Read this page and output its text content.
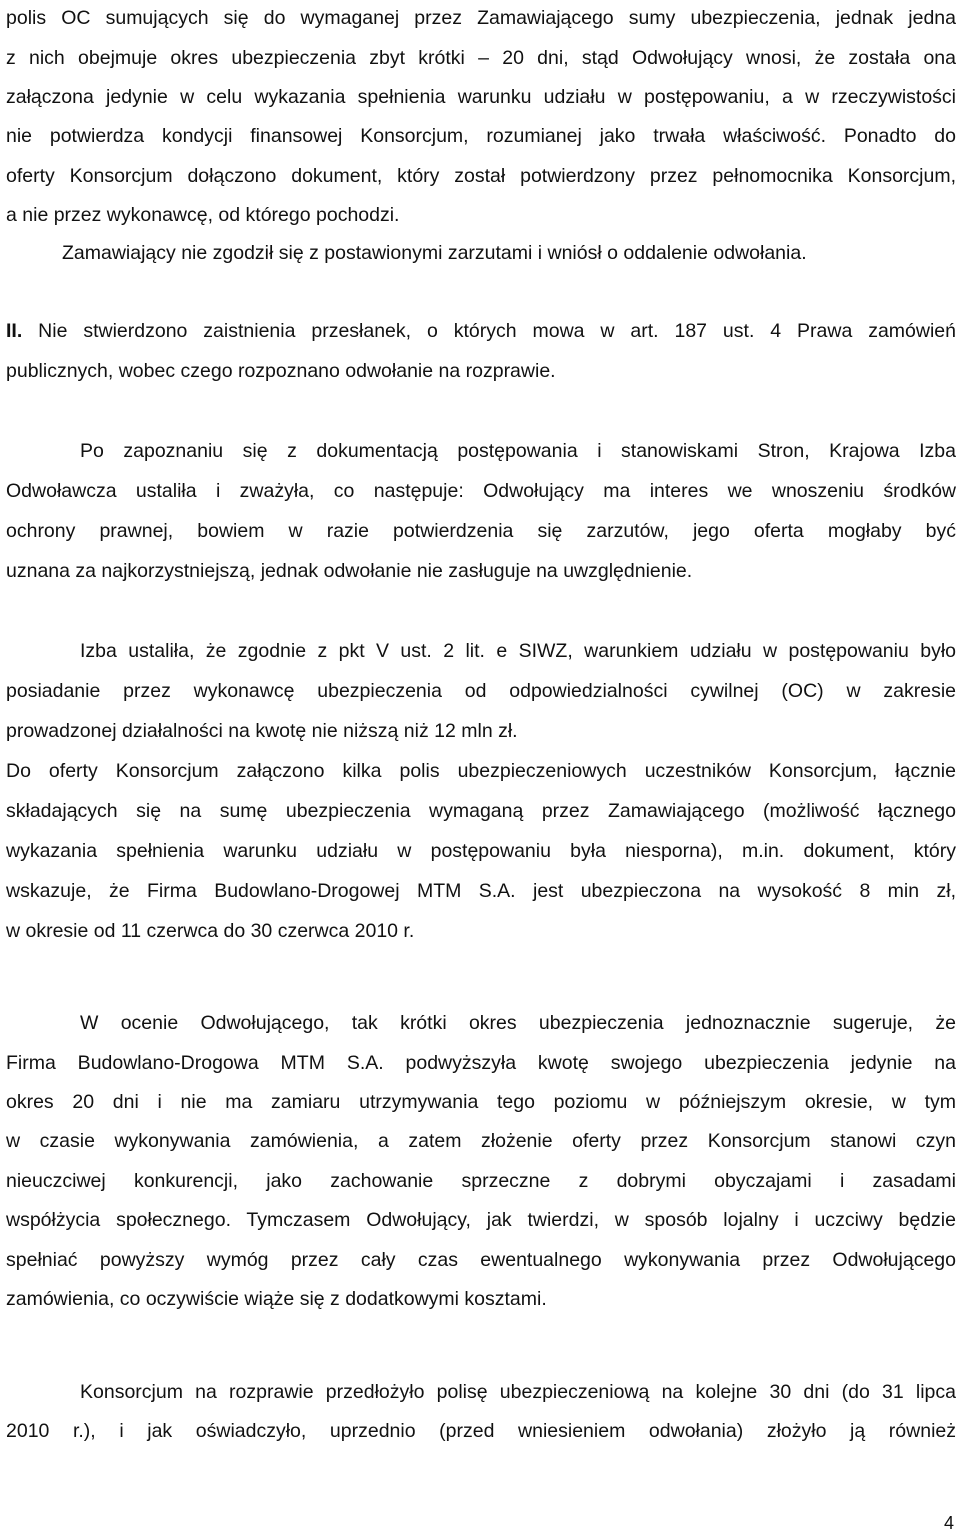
polis OC sumujących się do wymaganej przez Zamawiającego sumy ubezpieczenia, jednak jedna
z nich obejmuje okres ubezpieczenia zbyt krótki – 20 dni, stąd Odwołujący wnosi, że została ona
załączona jedynie w celu wykazania spełnienia warunku udziału w postępowaniu, a w rzeczywistości
nie potwierdza kondycji finansowej Konsorcjum, rozumianej jako trwała właściwość. Ponadto do
oferty Konsorcjum dołączono dokument, który został potwierdzony przez pełnomocnika Konsorcjum,
a nie przez wykonawcę, od którego pochodzi.
Zamawiający nie zgodził się z postawionymi zarzutami i wniósł o oddalenie odwołania.
II. Nie stwierdzono zaistnienia przesłanek, o których mowa w art. 187 ust. 4 Prawa zamówień
publicznych, wobec czego rozpoznano odwołanie na rozprawie.
Po zapoznaniu się z dokumentacją postępowania i stanowiskami Stron, Krajowa Izba
Odwoławcza ustaliła i zważyła, co następuje: Odwołujący ma interes we wnoszeniu środków
ochrony prawnej, bowiem w razie potwierdzenia się zarzutów, jego oferta mogłaby być
uznana za najkorzystniejszą, jednak odwołanie nie zasługuje na uwzględnienie.
Izba ustaliła, że zgodnie z pkt V ust. 2 lit. e SIWZ, warunkiem udziału w postępowaniu było
posiadanie przez wykonawcę ubezpieczenia od odpowiedzialności cywilnej (OC) w zakresie
prowadzonej działalności na kwotę nie niższą niż 12 mln zł.
Do oferty Konsorcjum załączono kilka polis ubezpieczeniowych uczestników Konsorcjum, łącznie
składających się na sumę ubezpieczenia wymaganą przez Zamawiającego (możliwość łącznego
wykazania spełnienia warunku udziału w postępowaniu była niesporna), m.in. dokument, który
wskazuje, że Firma Budowlano-Drogowej MTM S.A. jest ubezpieczona na wysokość 8 min zł,
w okresie od 11 czerwca do 30 czerwca 2010 r.
W ocenie Odwołującego, tak krótki okres ubezpieczenia jednoznacznie sugeruje, że
Firma Budowlano-Drogowa MTM S.A. podwyższyła kwotę swojego ubezpieczenia jedynie na
okres 20 dni i nie ma zamiaru utrzymywania tego poziomu w późniejszym okresie, w tym
w czasie wykonywania zamówienia, a zatem złożenie oferty przez Konsorcjum stanowi czyn
nieuczciwej konkurencji, jako zachowanie sprzeczne z dobrymi obyczajami i zasadami
współżycia społecznego. Tymczasem Odwołujący, jak twierdzi, w sposób lojalny i uczciwy będzie
spełniać powyższy wymóg przez cały czas ewentualnego wykonywania przez Odwołującego
zamówienia, co oczywiście wiąże się z dodatkowymi kosztami.
Konsorcjum na rozprawie przedłożyło polisę ubezpieczeniową na kolejne 30 dni (do 31 lipca
2010 r.), i jak oświadczyło, uprzednio (przed wniesieniem odwołania) złożyło ją również
4
